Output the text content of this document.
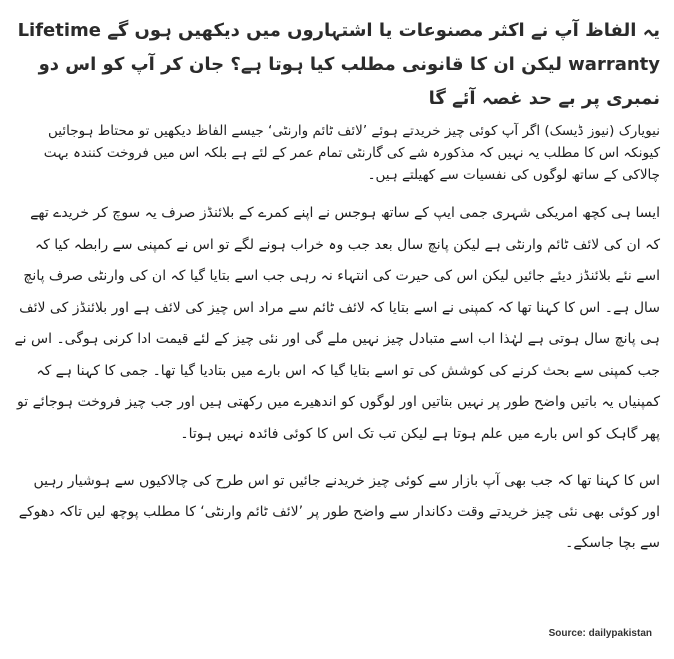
یہ الفاظ آپ نے اکثر مصنوعات یا اشتہاروں میں دیکھیں ہوں گے Lifetime warranty لیکن ان کا قانونی مطلب کیا ہوتا ہے؟ جان کر آپ کو اس دو نمبری پر بے حد غصہ آئے گا

نیویارک (نیوز ڈیسک) اگر آپ کوئی چیز خریدتے ہوئے ’لائف ٹائم وارنٹی‘ جیسے الفاظ دیکھیں تو محتاط ہوجائیں کیونکہ اس کا مطلب یہ نہیں کہ مذکورہ شے کی گارنٹی تمام عمر کے لئے ہے بلکہ اس میں فروخت کنندہ بہت چالاکی کے ساتھ لوگوں کی نفسیات سے کھیلتے ہیں۔

ایسا ہی کچھ امریکی شہری جمی ایپ کے ساتھ ہوجس نے اپنے کمرے کے بلائنڈز صرف یہ سوچ کر خریدے تھے کہ ان کی لائف ٹائم وارنٹی ہے لیکن پانچ سال بعد جب وہ خراب ہونے لگے تو اس نے کمپنی سے رابطہ کیا کہ اسے نئے بلائنڈز دیئے جائیں لیکن اس کی حیرت کی انتہاء نہ رہی جب اسے بتایا گیا کہ ان کی وارنٹی صرف پانچ سال ہے۔ اس کا کہنا تھا کہ کمپنی نے اسے بتایا کہ لائف ٹائم سے مراد اس چیز کی لائف ہے اور بلائنڈز کی لائف ہی پانچ سال ہوتی ہے لہٰذا اب اسے متبادل چیز نہیں ملے گی اور نئی چیز کے لئے قیمت ادا کرنی ہوگی۔ اس نے جب کمپنی سے بحث کرنے کی کوشش کی تو اسے بتایا گیا کہ اس بارے میں بتادیا گیا تھا۔ جمی کا کہنا ہے کہ کمپنیاں یہ باتیں واضح طور پر نہیں بتاتیں اور لوگوں کو اندھیرے میں رکھتی ہیں اور جب چیز فروخت ہوجائے تو پھر گاہک کو اس بارے میں علم ہوتا ہے لیکن تب تک اس کا کوئی فائدہ نہیں ہوتا۔

اس کا کہنا تھا کہ جب بھی آپ بازار سے کوئی چیز خریدنے جائیں تو اس طرح کی چالاکیوں سے ہوشیار رہیں اور کوئی بھی نئی چیز خریدتے وقت دکاندار سے واضح طور پر ’لائف ٹائم وارنٹی‘ کا مطلب پوچھ لیں تاکہ دھوکے سے بچا جاسکے۔

Source: dailypakistan
